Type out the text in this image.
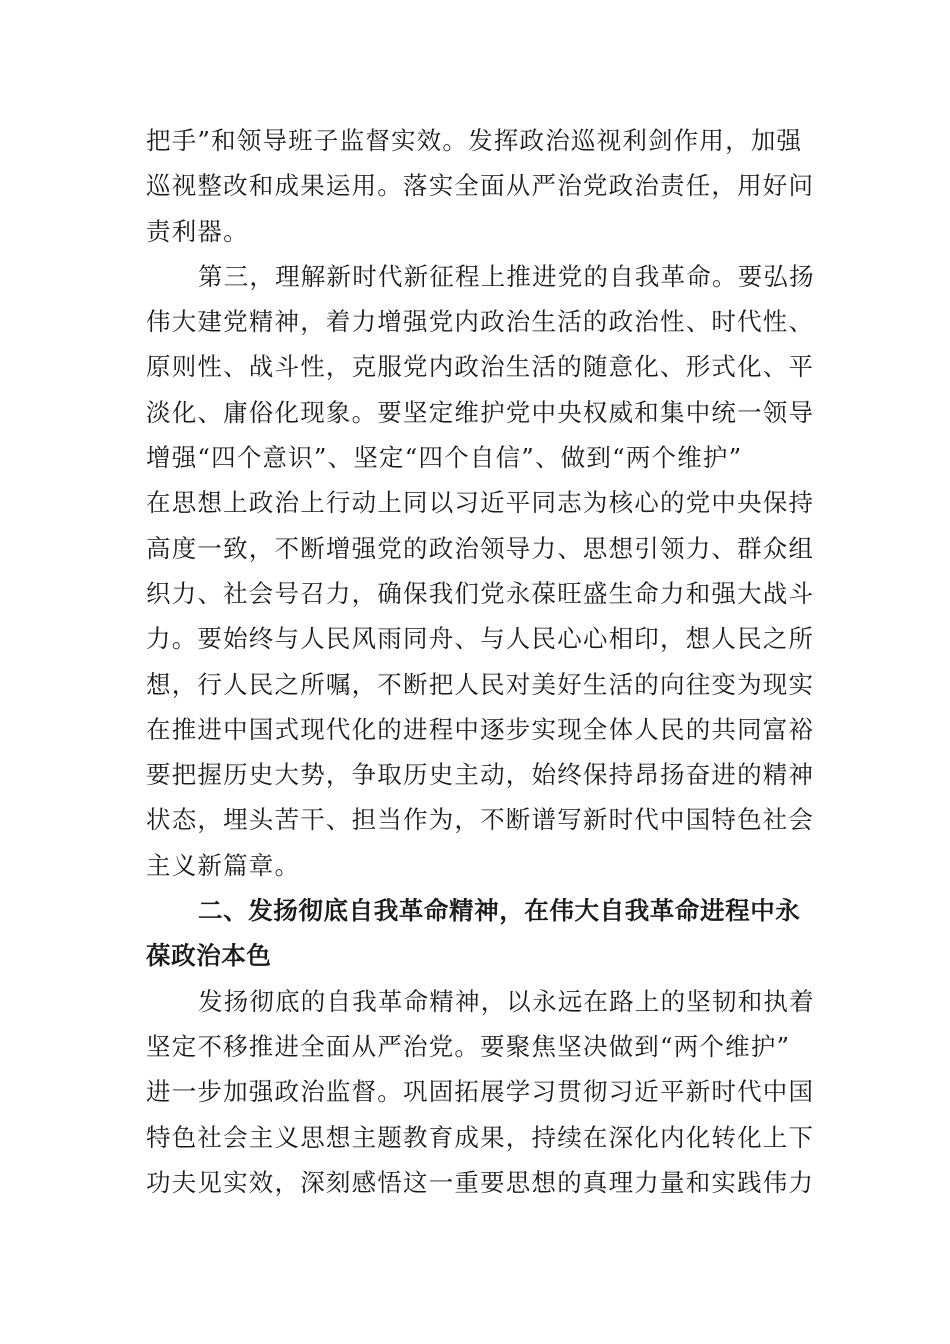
把手”和领导班子监督实效。发挥政治巡视利剑作用，加强
巡视整改和成果运用。落实全面从严治党政治责任，用好问
责利器。
第三，理解新时代新征程上推进党的自我革命。要弘扬
伟大建党精神，着力增强党内政治生活的政治性、时代性、
原则性、战斗性，克服党内政治生活的随意化、形式化、平
淡化、庸俗化现象。要坚定维护党中央权威和集中统一领导
增强“四个意识”、坚定“四个自信”、做到“两个维护”
在思想上政治上行动上同以习近平同志为核心的党中央保持
高度一致，不断增强党的政治领导力、思想引领力、群众组
织力、社会号召力，确保我们党永葆旺盛生命力和强大战斗
力。要始终与人民风雨同舟、与人民心心相印，想人民之所
想，行人民之所嘱，不断把人民对美好生活的向往变为现实
在推进中国式现代化的进程中逐步实现全体人民的共同富裕
要把握历史大势，争取历史主动，始终保持昂扬奋进的精神
状态，埋头苦干、担当作为，不断谱写新时代中国特色社会
主义新篇章。
二、发扬彻底自我革命精神，在伟大自我革命进程中永
葆政治本色
发扬彻底的自我革命精神，以永远在路上的坚韧和执着
坚定不移推进全面从严治党。要聚焦坚决做到“两个维护”
进一步加强政治监督。巩固拓展学习贯彻习近平新时代中国
特色社会主义思想主题教育成果，持续在深化内化转化上下
功夫见实效，深刻感悟这一重要思想的真理力量和实践伟力
